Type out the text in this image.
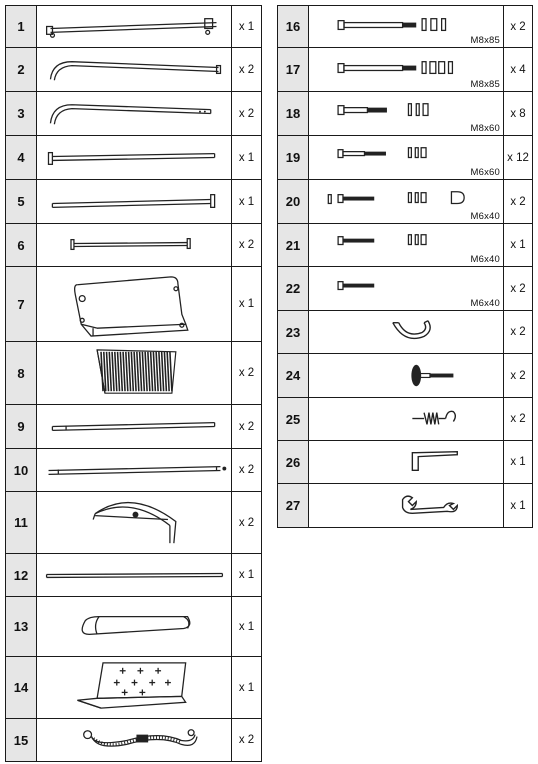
1		x 1
2		x 2
3		x 2
4		x 1
5		x 1
6		x 2
7		x 1
8		x 2
9		x 2
10		x 2
11		x 2
12		x 1
13		x 1
14		x 1
15		x 2
16	M8x85	x 2
17	M8x85	x 4
18	M8x60	x 8
19	M6x60	x 12
20	M6x40	x 2
21	M6x40	x 1
22	M6x40	x 2
23		x 2
24		x 2
25		x 2
26		x 1
27		x 1
